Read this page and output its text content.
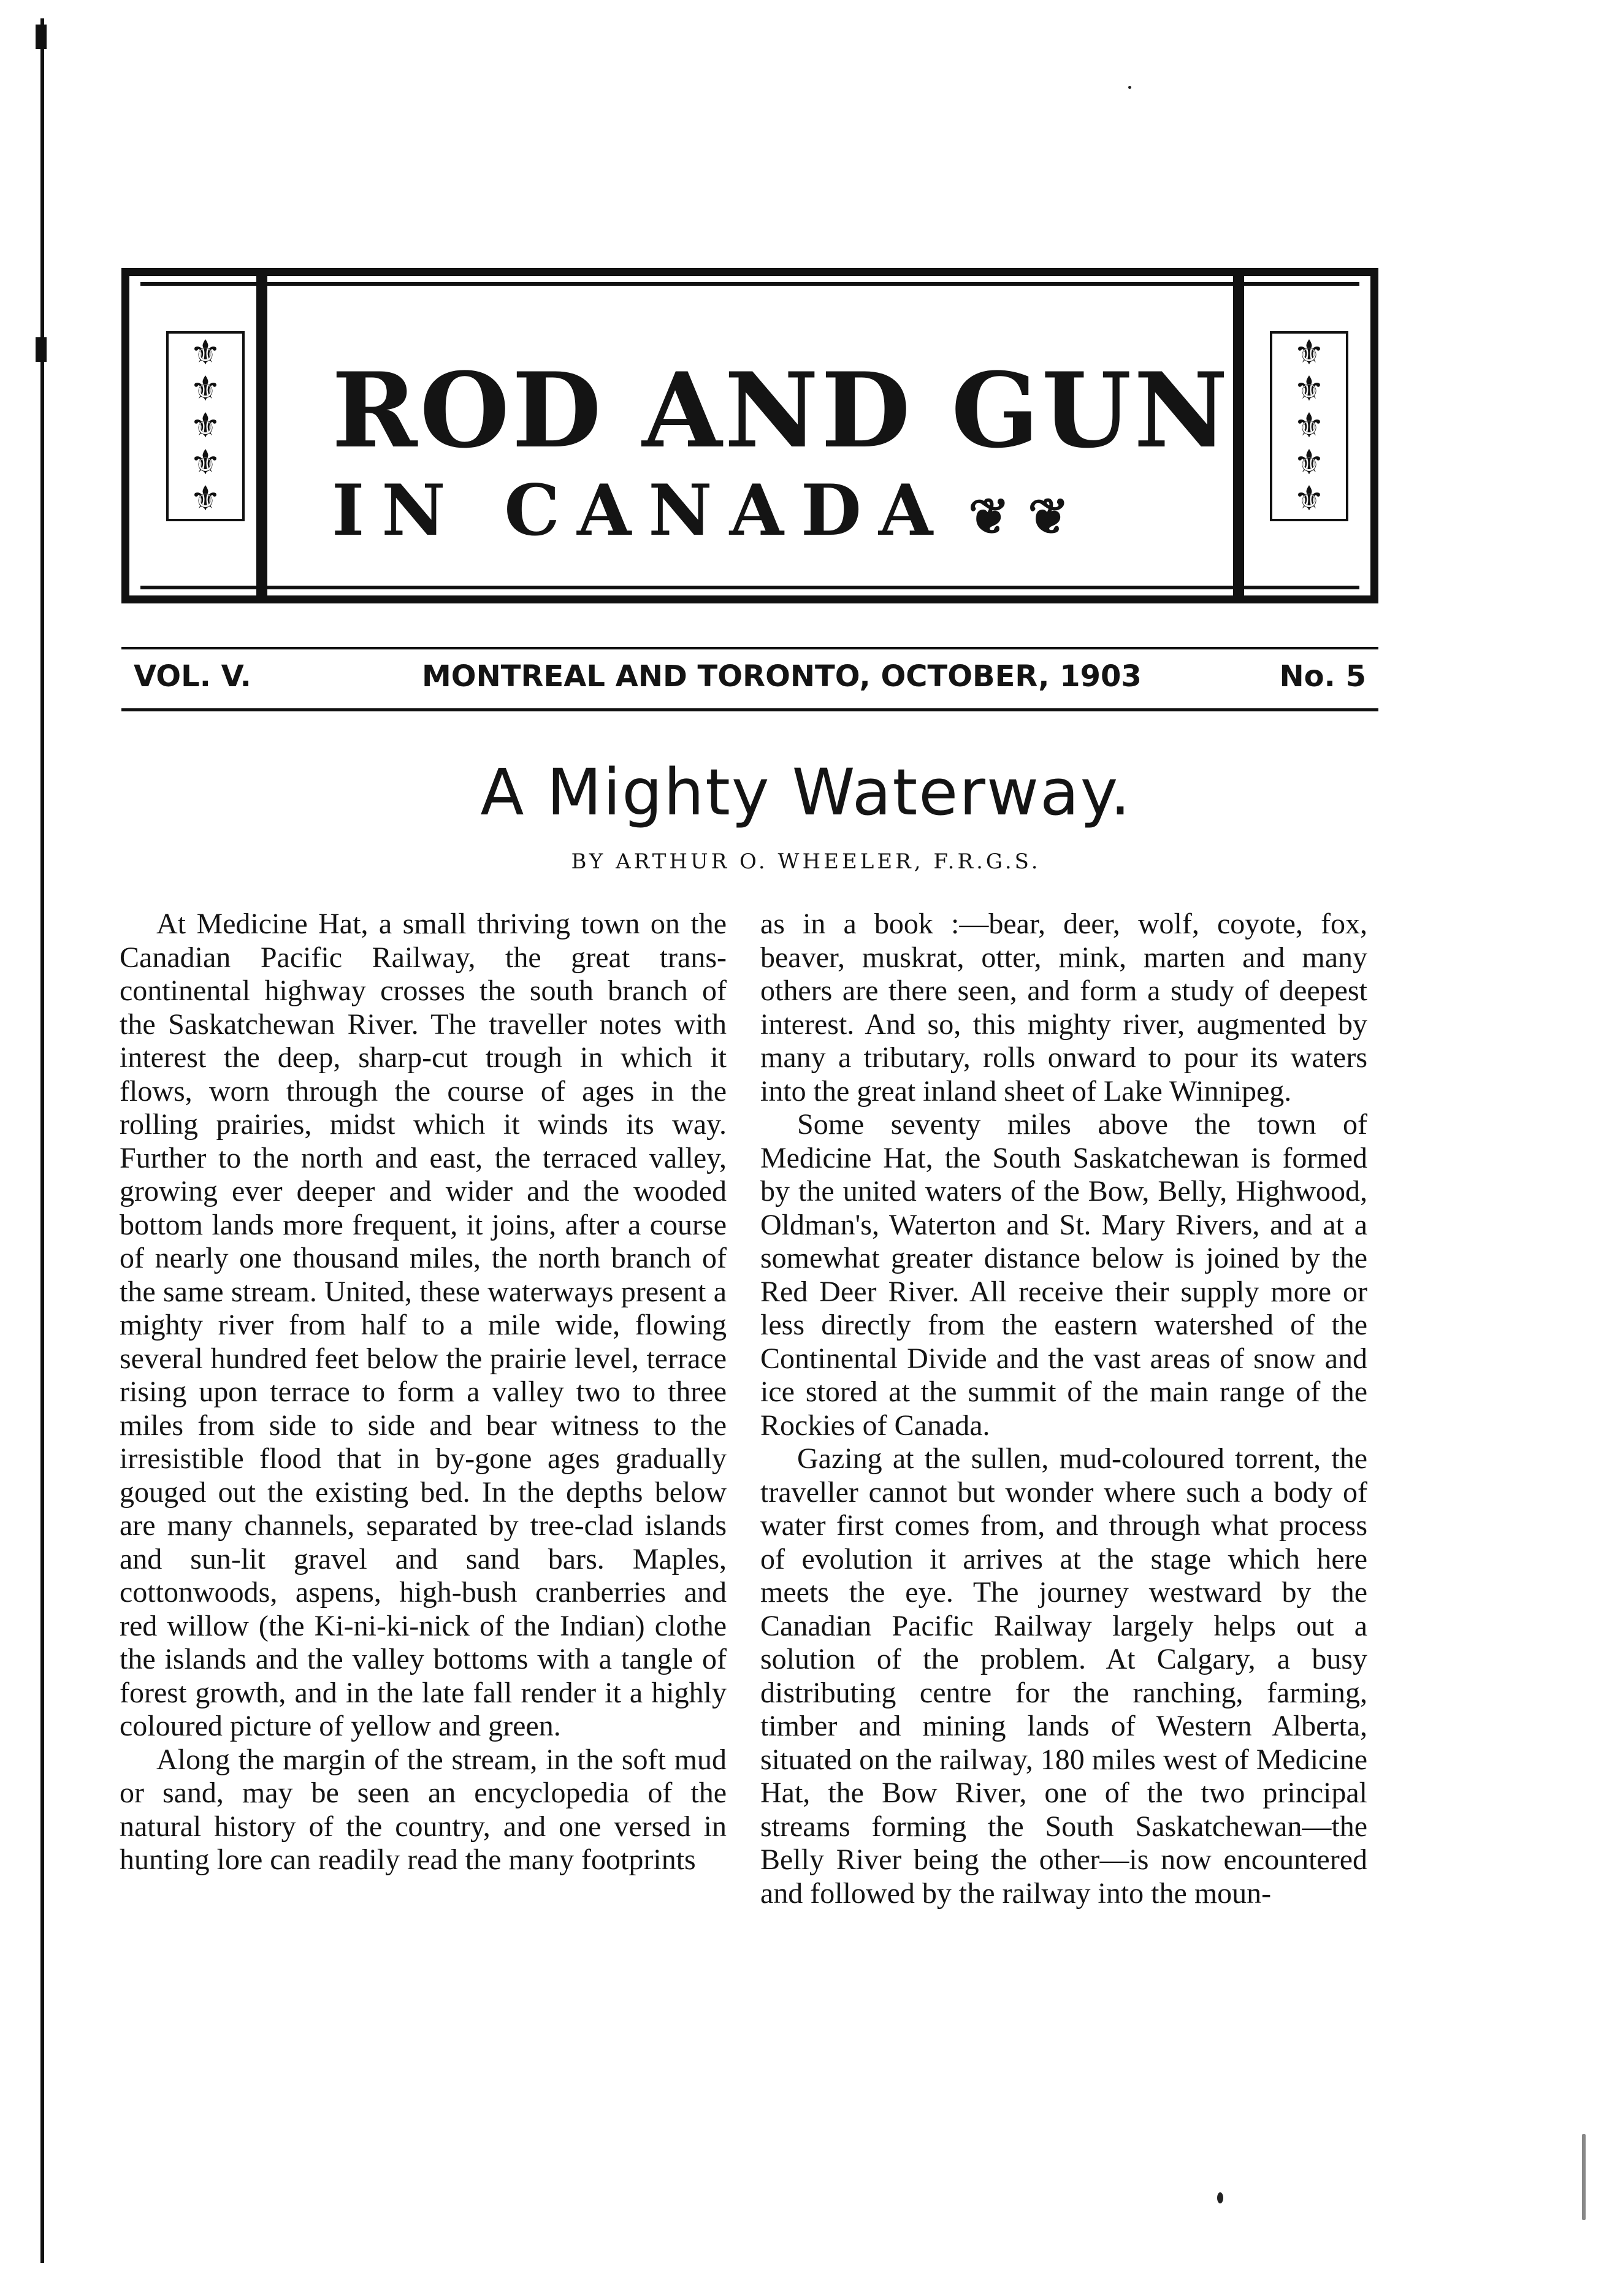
⚜
⚜
⚜
⚜
⚜
⚜
⚜
⚜
⚜
⚜
ROD AND GUN
IN CANADA ❦ ❦
VOL. V.	MONTREAL AND TORONTO, OCTOBER, 1903	No. 5
A Mighty Waterway.
BY ARTHUR O. WHEELER, F.R.G.S.

At Medicine Hat, a small thriving town on the Canadian Pacific Railway, the great trans-continental highway crosses the south branch of the Saskatchewan River. The traveller notes with interest the deep, sharp-cut trough in which it flows, worn through the course of ages in the rolling prairies, midst which it winds its way. Further to the north and east, the terraced valley, growing ever deeper and wider and the wooded bottom lands more frequent, it joins, after a course of nearly one thousand miles, the north branch of the same stream. United, these waterways present a mighty river from half to a mile wide, flowing several hundred feet below the prairie level, terrace rising upon terrace to form a valley two to three miles from side to side and bear witness to the irresistible flood that in by-gone ages gradually gouged out the existing bed. In the depths below are many channels, separated by tree-clad islands and sun-lit gravel and sand bars. Maples, cottonwoods, aspens, high-bush cranberries and red willow (the Ki-ni-ki-nick of the Indian) clothe the islands and the valley bottoms with a tangle of forest growth, and in the late fall render it a highly coloured picture of yellow and green.

Along the margin of the stream, in the soft mud or sand, may be seen an encyclopedia of the natural history of the country, and one versed in hunting lore can readily read the many footprints

as in a book :—bear, deer, wolf, coyote, fox, beaver, muskrat, otter, mink, marten and many others are there seen, and form a study of deepest interest. And so, this mighty river, augmented by many a tributary, rolls onward to pour its waters into the great inland sheet of Lake Winnipeg.

Some seventy miles above the town of Medicine Hat, the South Saskatchewan is formed by the united waters of the Bow, Belly, Highwood, Oldman's, Waterton and St. Mary Rivers, and at a somewhat greater distance below is joined by the Red Deer River. All receive their supply more or less directly from the eastern watershed of the Continental Divide and the vast areas of snow and ice stored at the summit of the main range of the Rockies of Canada.

Gazing at the sullen, mud-coloured torrent, the traveller cannot but wonder where such a body of water first comes from, and through what process of evolution it arrives at the stage which here meets the eye. The journey westward by the Canadian Pacific Railway largely helps out a solution of the problem. At Calgary, a busy distributing centre for the ranching, farming, timber and mining lands of Western Alberta, situated on the railway, 180 miles west of Medicine Hat, the Bow River, one of the two principal streams forming the South Saskatchewan—the Belly River being the other—is now encountered and followed by the railway into the moun-
